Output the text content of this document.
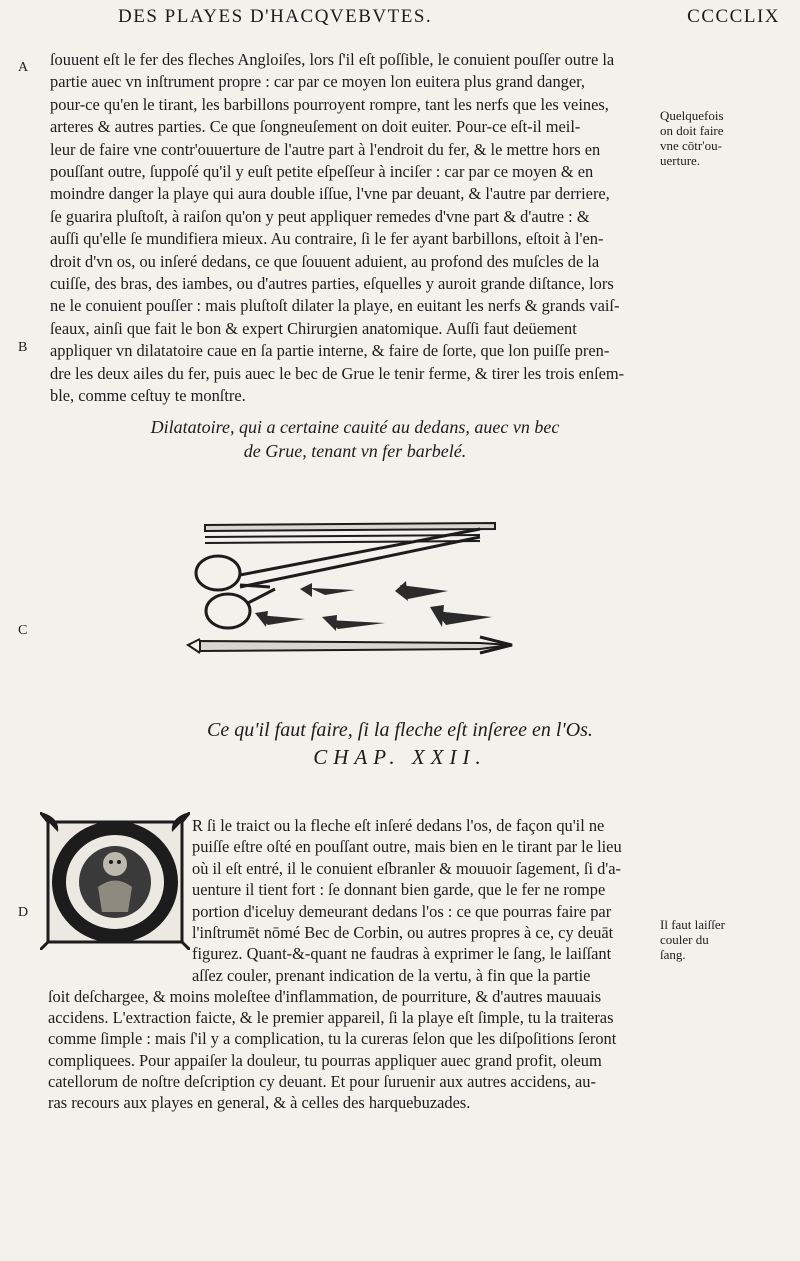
DES PLAYES D'HACQVEBVTES.	CCCCLIX
A
B
C
D
ſouuent eſt le fer des fleches Angloiſes, lors ſ'il eſt poſſible, le conuient pouſſer outre la
partie auec vn inſtrument propre : car par ce moyen lon euitera plus grand danger,
pour-ce qu'en le tirant, les barbillons pourroyent rompre, tant les nerfs que les veines,
arteres & autres parties. Ce que ſongneuſement on doit euiter. Pour-ce eſt-il meil-
leur de faire vne contr'ouuerture de l'autre part à l'endroit du fer, & le mettre hors en
pouſſant outre, ſuppoſé qu'il y euſt petite eſpeſſeur à inciſer : car par ce moyen & en
moindre danger la playe qui aura double iſſue, l'vne par deuant, & l'autre par derriere,
ſe guarira pluſtoſt, à raiſon qu'on y peut appliquer remedes d'vne part & d'autre : &
auſſi qu'elle ſe mundifiera mieux. Au contraire, ſi le fer ayant barbillons, eſtoit à l'en-
droit d'vn os, ou inſeré dedans, ce que ſouuent aduient, au profond des muſcles de la
cuiſſe, des bras, des iambes, ou d'autres parties, eſquelles y auroit grande diſtance, lors
ne le conuient pouſſer : mais pluſtoſt dilater la playe, en euitant les nerfs & grands vaiſ-
ſeaux, ainſi que fait le bon & expert Chirurgien anatomique. Auſſi faut deüement
appliquer vn dilatatoire caue en ſa partie interne, & faire de ſorte, que lon puiſſe pren-
dre les deux ailes du fer, puis auec le bec de Grue le tenir ferme, & tirer les trois enſem-
ble, comme ceſtuy te monſtre.
Quelquefois
on doit faire
vne cōtr'ou-
uerture.
Dilatatoire, qui a certaine cauité au dedans, auec vn bec
de Grue, tenant vn fer barbelé.
Ce qu'il faut faire, ſi la fleche eſt inſeree en l'Os.
CHAP. XXII.
R ſi le traict ou la fleche eſt inſeré dedans l'os, de façon qu'il ne
puiſſe eſtre oſté en pouſſant outre, mais bien en le tirant par le lieu
où il eſt entré, il le conuient eſbranler & mouuoir ſagement, ſi d'a-
uenture il tient fort : ſe donnant bien garde, que le fer ne rompe
portion d'iceluy demeurant dedans l'os : ce que pourras faire par
l'inſtrumēt nōmé Bec de Corbin, ou autres propres à ce, cy deuāt
figurez. Quant-&-quant ne faudras à exprimer le ſang, le laiſſant
aſſez couler, prenant indication de la vertu, à fin que la partie
Il faut laiſſer
couler du
ſang.
ſoit deſchargee, & moins moleſtee d'inflammation, de pourriture, & d'autres mauuais
accidens. L'extraction faicte, & le premier appareil, ſi la playe eſt ſimple, tu la traiteras
comme ſimple : mais ſ'il y a complication, tu la cureras ſelon que les diſpoſitions ſeront
compliquees. Pour appaiſer la douleur, tu pourras appliquer auec grand profit, oleum
catellorum de noſtre deſcription cy deuant. Et pour ſuruenir aux autres accidens, au-
ras recours aux playes en general, & à celles des harquebuzades.
